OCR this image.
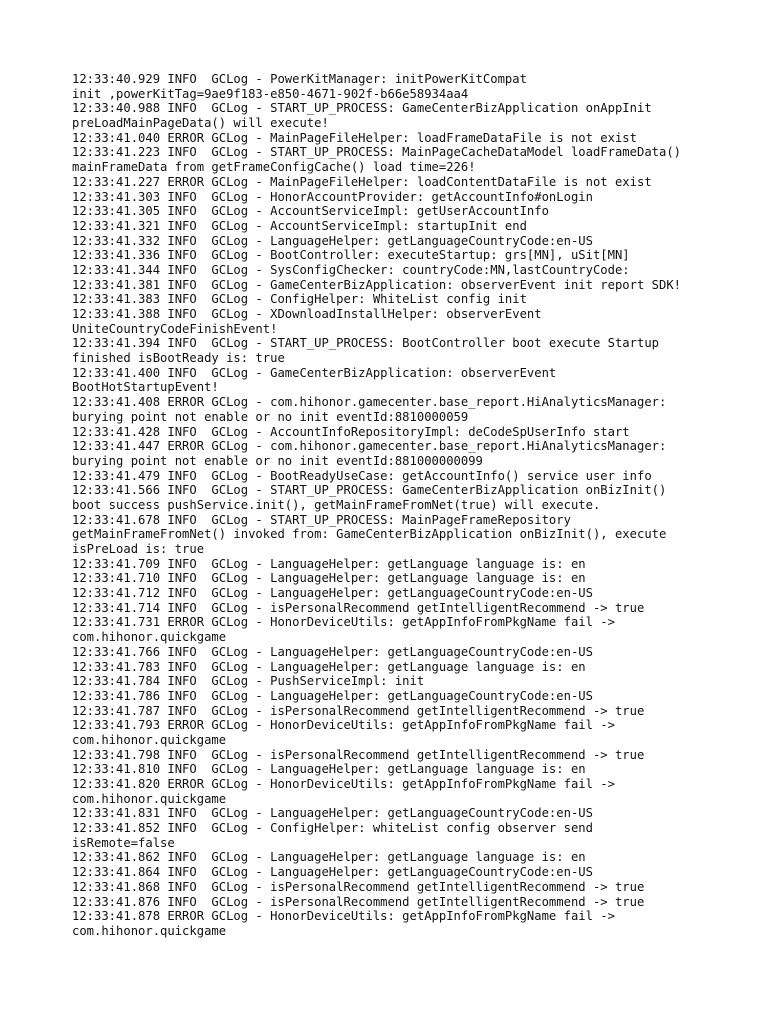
12:33:40.929 INFO  GCLog - PowerKitManager: initPowerKitCompat
init ,powerKitTag=9ae9f183-e850-4671-902f-b66e58934aa4
12:33:40.988 INFO  GCLog - START_UP_PROCESS: GameCenterBizApplication onAppInit
preLoadMainPageData() will execute!
12:33:41.040 ERROR GCLog - MainPageFileHelper: loadFrameDataFile is not exist
12:33:41.223 INFO  GCLog - START_UP_PROCESS: MainPageCacheDataModel loadFrameData()
mainFrameData from getFrameConfigCache() load time=226!
12:33:41.227 ERROR GCLog - MainPageFileHelper: loadContentDataFile is not exist
12:33:41.303 INFO  GCLog - HonorAccountProvider: getAccountInfo#onLogin
12:33:41.305 INFO  GCLog - AccountServiceImpl: getUserAccountInfo
12:33:41.321 INFO  GCLog - AccountServiceImpl: startupInit end
12:33:41.332 INFO  GCLog - LanguageHelper: getLanguageCountryCode:en-US
12:33:41.336 INFO  GCLog - BootController: executeStartup: grs[MN], uSit[MN]
12:33:41.344 INFO  GCLog - SysConfigChecker: countryCode:MN,lastCountryCode:
12:33:41.381 INFO  GCLog - GameCenterBizApplication: observerEvent init report SDK!
12:33:41.383 INFO  GCLog - ConfigHelper: WhiteList config init
12:33:41.388 INFO  GCLog - XDownloadInstallHelper: observerEvent
UniteCountryCodeFinishEvent!
12:33:41.394 INFO  GCLog - START_UP_PROCESS: BootController boot execute Startup
finished isBootReady is: true
12:33:41.400 INFO  GCLog - GameCenterBizApplication: observerEvent
BootHotStartupEvent!
12:33:41.408 ERROR GCLog - com.hihonor.gamecenter.base_report.HiAnalyticsManager:
burying point not enable or no init eventId:8810000059
12:33:41.428 INFO  GCLog - AccountInfoRepositoryImpl: deCodeSpUserInfo start
12:33:41.447 ERROR GCLog - com.hihonor.gamecenter.base_report.HiAnalyticsManager:
burying point not enable or no init eventId:881000000099
12:33:41.479 INFO  GCLog - BootReadyUseCase: getAccountInfo() service user info
12:33:41.566 INFO  GCLog - START_UP_PROCESS: GameCenterBizApplication onBizInit()
boot success pushService.init(), getMainFrameFromNet(true) will execute.
12:33:41.678 INFO  GCLog - START_UP_PROCESS: MainPageFrameRepository
getMainFrameFromNet() invoked from: GameCenterBizApplication onBizInit(), execute
isPreLoad is: true
12:33:41.709 INFO  GCLog - LanguageHelper: getLanguage language is: en
12:33:41.710 INFO  GCLog - LanguageHelper: getLanguage language is: en
12:33:41.712 INFO  GCLog - LanguageHelper: getLanguageCountryCode:en-US
12:33:41.714 INFO  GCLog - isPersonalRecommend getIntelligentRecommend -> true
12:33:41.731 ERROR GCLog - HonorDeviceUtils: getAppInfoFromPkgName fail ->
com.hihonor.quickgame
12:33:41.766 INFO  GCLog - LanguageHelper: getLanguageCountryCode:en-US
12:33:41.783 INFO  GCLog - LanguageHelper: getLanguage language is: en
12:33:41.784 INFO  GCLog - PushServiceImpl: init
12:33:41.786 INFO  GCLog - LanguageHelper: getLanguageCountryCode:en-US
12:33:41.787 INFO  GCLog - isPersonalRecommend getIntelligentRecommend -> true
12:33:41.793 ERROR GCLog - HonorDeviceUtils: getAppInfoFromPkgName fail ->
com.hihonor.quickgame
12:33:41.798 INFO  GCLog - isPersonalRecommend getIntelligentRecommend -> true
12:33:41.810 INFO  GCLog - LanguageHelper: getLanguage language is: en
12:33:41.820 ERROR GCLog - HonorDeviceUtils: getAppInfoFromPkgName fail ->
com.hihonor.quickgame
12:33:41.831 INFO  GCLog - LanguageHelper: getLanguageCountryCode:en-US
12:33:41.852 INFO  GCLog - ConfigHelper: whiteList config observer send
isRemote=false
12:33:41.862 INFO  GCLog - LanguageHelper: getLanguage language is: en
12:33:41.864 INFO  GCLog - LanguageHelper: getLanguageCountryCode:en-US
12:33:41.868 INFO  GCLog - isPersonalRecommend getIntelligentRecommend -> true
12:33:41.876 INFO  GCLog - isPersonalRecommend getIntelligentRecommend -> true
12:33:41.878 ERROR GCLog - HonorDeviceUtils: getAppInfoFromPkgName fail ->
com.hihonor.quickgame
